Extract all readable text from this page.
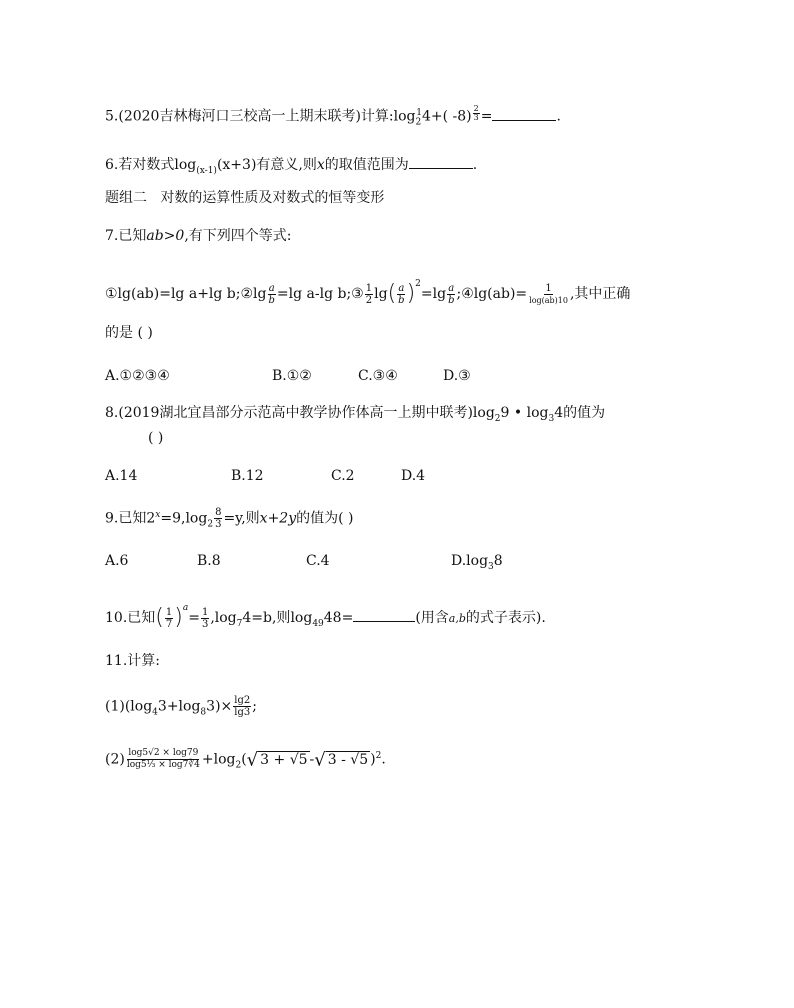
5.(2020吉林梅河口三校高一上期末联考)计算$:\log_2^14+$( $-8) \frac{2}{3}$ =	.
6.若对数式$\log_{(x-1)}(x+3)$有意义,则x的取值范围为	.
题组二 对数的运算性质及对数式的恒等变形
7.已知ab>0,有下列四个等式:
①lg(ab)=lg a+lg b;②lg $\frac{a}{b} =\lg$ a-lg b;③ $\frac{1}{2} \lg( \frac{a}{b} )^2=\lg \frac{a}{b}$ ;④lg(ab)= $\frac{1}{\log(ab)10}$ ,其中正确
的是 ( )
A.①②③④	B.①②	C.③④	D.③
8.(2019湖北宜昌部分示范高中教学协作体高一上期中联考)$\log_29$ • $\log_34$的值为
( )
A.14	B.12	C.2	D.4
9.已知$2^x=9,\log_2 \frac{8}{3} =y$,则x+2y的值为( )
A.6	B.8	C.4	$D.\log_38$
10.已知( $\frac{1}{7} )^a= \frac{1}{3} ,\log_74=b$,则$\log_{49}48=$	(用含a,b的式子表示).
11.计算:
$(1)(\log_43+\log_83)\times \frac{\lg 2}{\lg 3}$ ;
$(2) \frac{\log 5√2 \times \log 79}{\text{log5⅓ × log7∛4}} +\log_2(√$ 3 + √5 -√ 3 - √5 )$^2$.
